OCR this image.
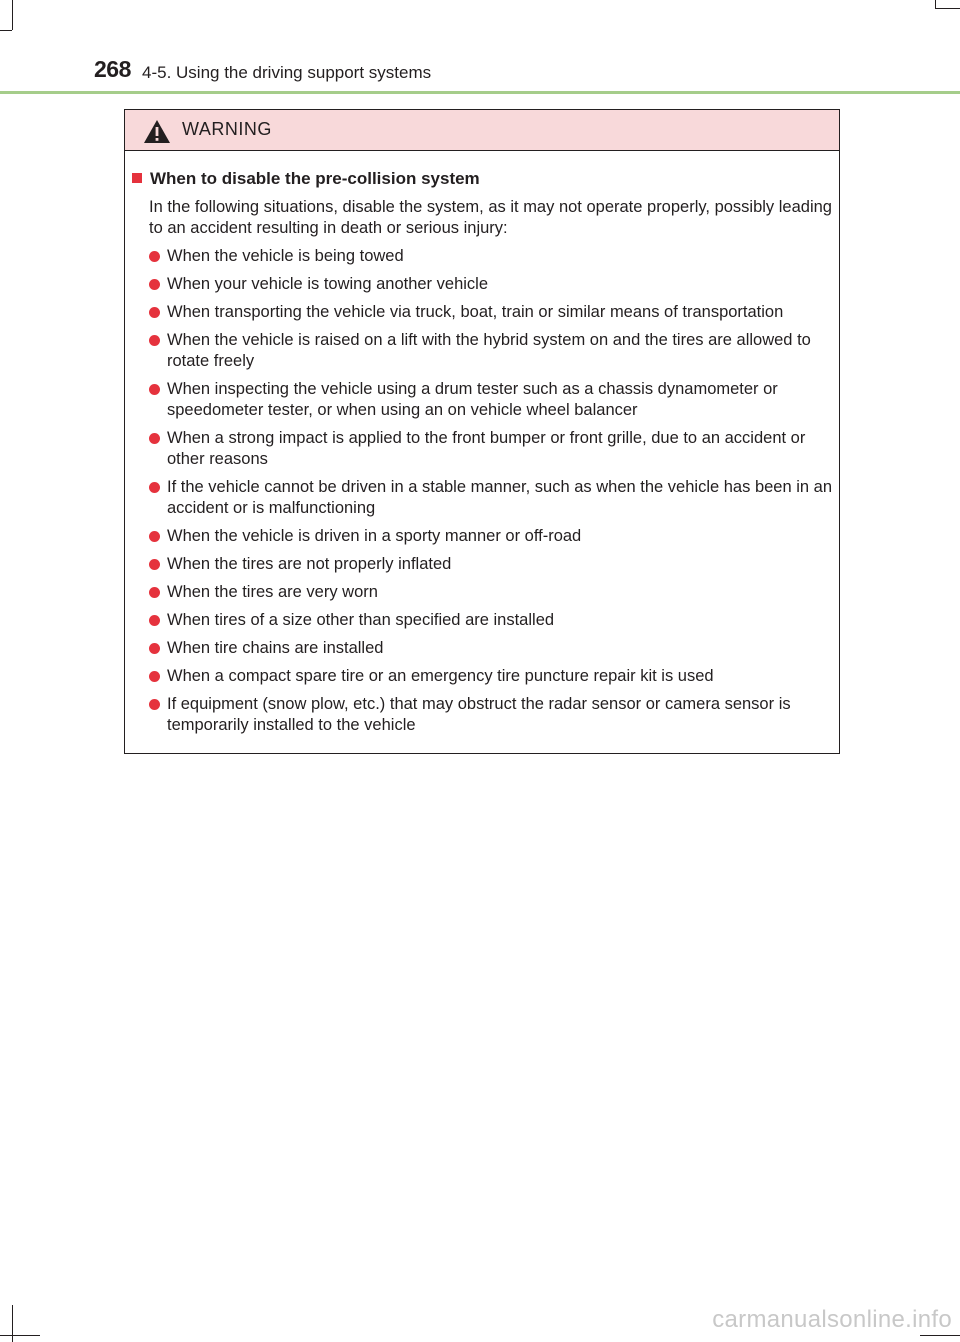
268 4-5. Using the driving support systems
WARNING
When to disable the pre-collision system
In the following situations, disable the system, as it may not operate properly, possibly leading to an accident resulting in death or serious injury:
When the vehicle is being towed
When your vehicle is towing another vehicle
When transporting the vehicle via truck, boat, train or similar means of transportation
When the vehicle is raised on a lift with the hybrid system on and the tires are allowed to rotate freely
When inspecting the vehicle using a drum tester such as a chassis dynamometer or speedometer tester, or when using an on vehicle wheel balancer
When a strong impact is applied to the front bumper or front grille, due to an accident or other reasons
If the vehicle cannot be driven in a stable manner, such as when the vehicle has been in an accident or is malfunctioning
When the vehicle is driven in a sporty manner or off-road
When the tires are not properly inflated
When the tires are very worn
When tires of a size other than specified are installed
When tire chains are installed
When a compact spare tire or an emergency tire puncture repair kit is used
If equipment (snow plow, etc.) that may obstruct the radar sensor or camera sensor is temporarily installed to the vehicle
carmanualsonline.info
